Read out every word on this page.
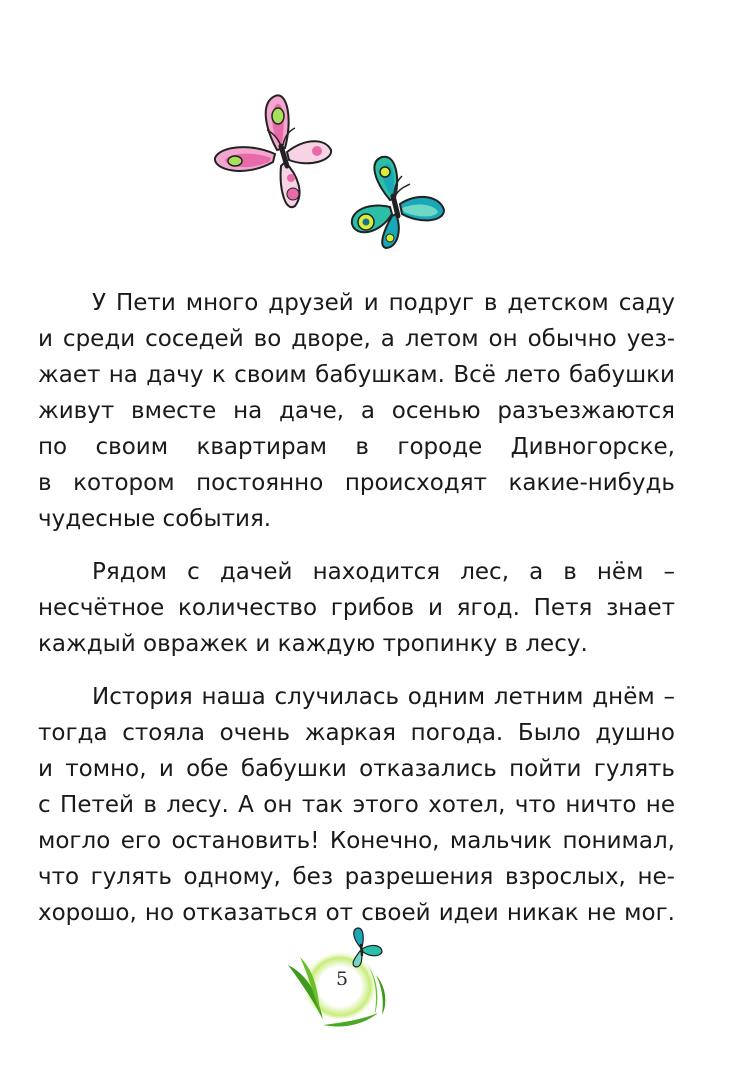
У Пети много друзей и подруг в детском саду
и среди соседей во дворе, а летом он обычно уез-
жает на дачу к своим бабушкам. Всё лето бабушки
живут вместе на даче, а осенью разъезжаются
по своим квартирам в городе Дивногорске,
в котором постоянно происходят какие-нибудь
чудесные события.

Рядом с дачей находится лес, а в нём –
несчётное количество грибов и ягод. Петя знает
каждый овражек и каждую тропинку в лесу.

История наша случилась одним летним днём –
тогда стояла очень жаркая погода. Было душно
и томно, и обе бабушки отказались пойти гулять
с Петей в лесу. А он так этого хотел, что ничто не
могло его остановить! Конечно, мальчик понимал,
что гулять одному, без разрешения взрослых, не-
хорошо, но отказаться от своей идеи никак не мог.

5
